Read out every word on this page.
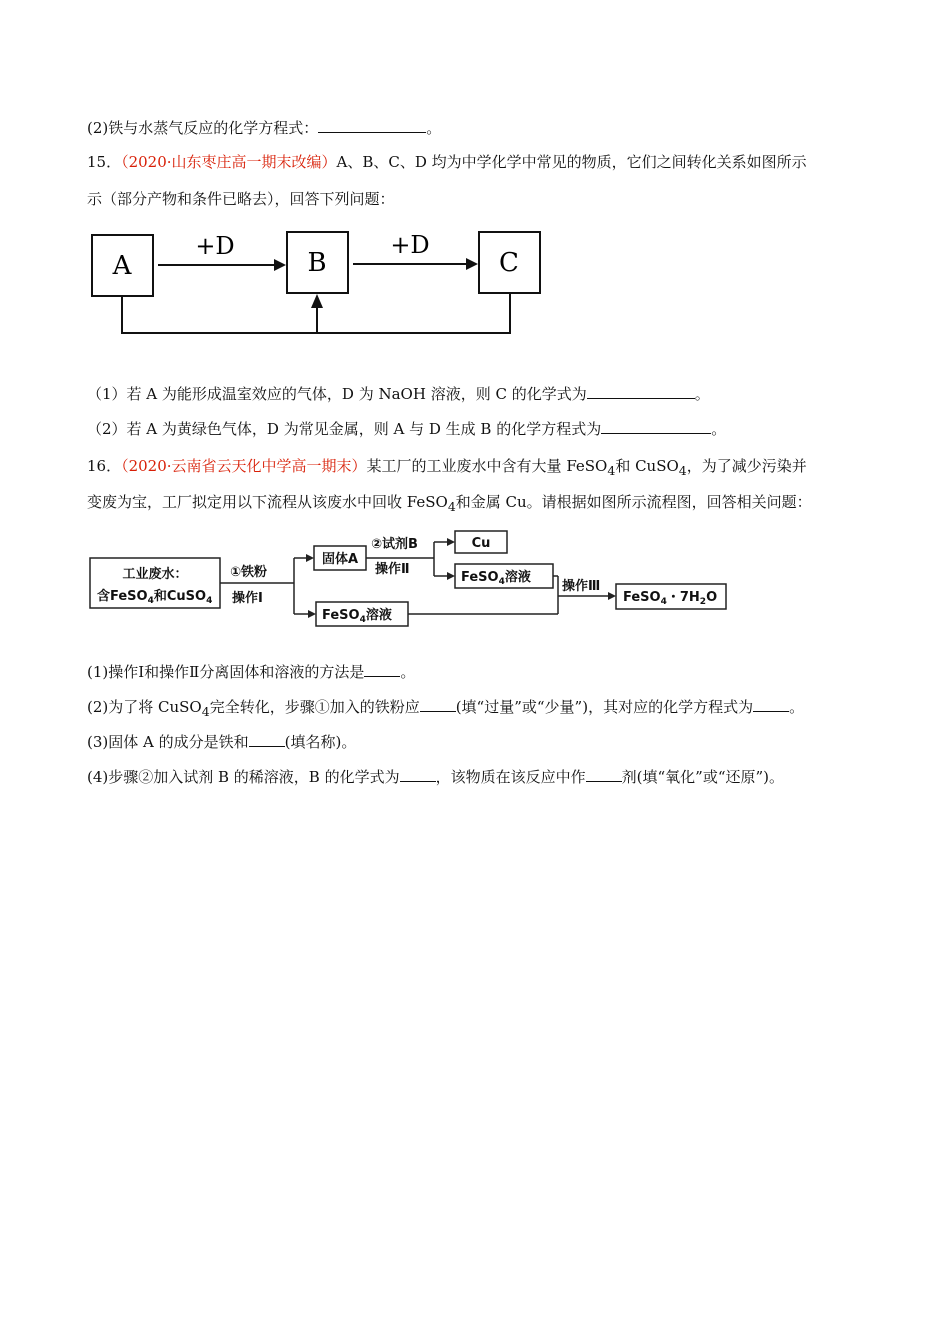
(2)铁与水蒸气反应的化学方程式：	。
15．（2020·山东枣庄高一期末改编）A、B、C、D 均为中学化学中常见的物质，它们之间转化关系如图所示
示（部分产物和条件已略去），回答下列问题：
A	B	C
+D	+D
（1）若 A 为能形成温室效应的气体，D 为 NaOH 溶液，则 C 的化学式为	。
（2）若 A 为黄绿色气体，D 为常见金属，则 A 与 D 生成 B 的化学方程式为	。
16．（2020·云南省云天化中学高一期末）某工厂的工业废水中含有大量 FeSO$_4$和 CuSO$_4$，为了减少污染并
变废为宝，工厂拟定用以下流程从该废水中回收 FeSO$_4$和金属 Cu。请根据如图所示流程图，回答相关问题：
工业废水：
含FeSO$_4$和CuSO$_4$
①铁粉
操作Ⅰ
固体A
②试剂B
操作Ⅱ
Cu
FeSO$_4$溶液
FeSO$_4$溶液
操作Ⅲ
FeSO$_4$・$7H_2O$
(1)操作Ⅰ和操作Ⅱ分离固体和溶液的方法是 。
(2)为了将 CuSO$_4$完全转化，步骤①加入的铁粉应 (填“过量”或“少量”)，其对应的化学方程式为 。
(3)固体 A 的成分是铁和 (填名称)。
(4)步骤②加入试剂 B 的稀溶液，B 的化学式为 ，该物质在该反应中作 剂(填“氧化”或“还原”)。
